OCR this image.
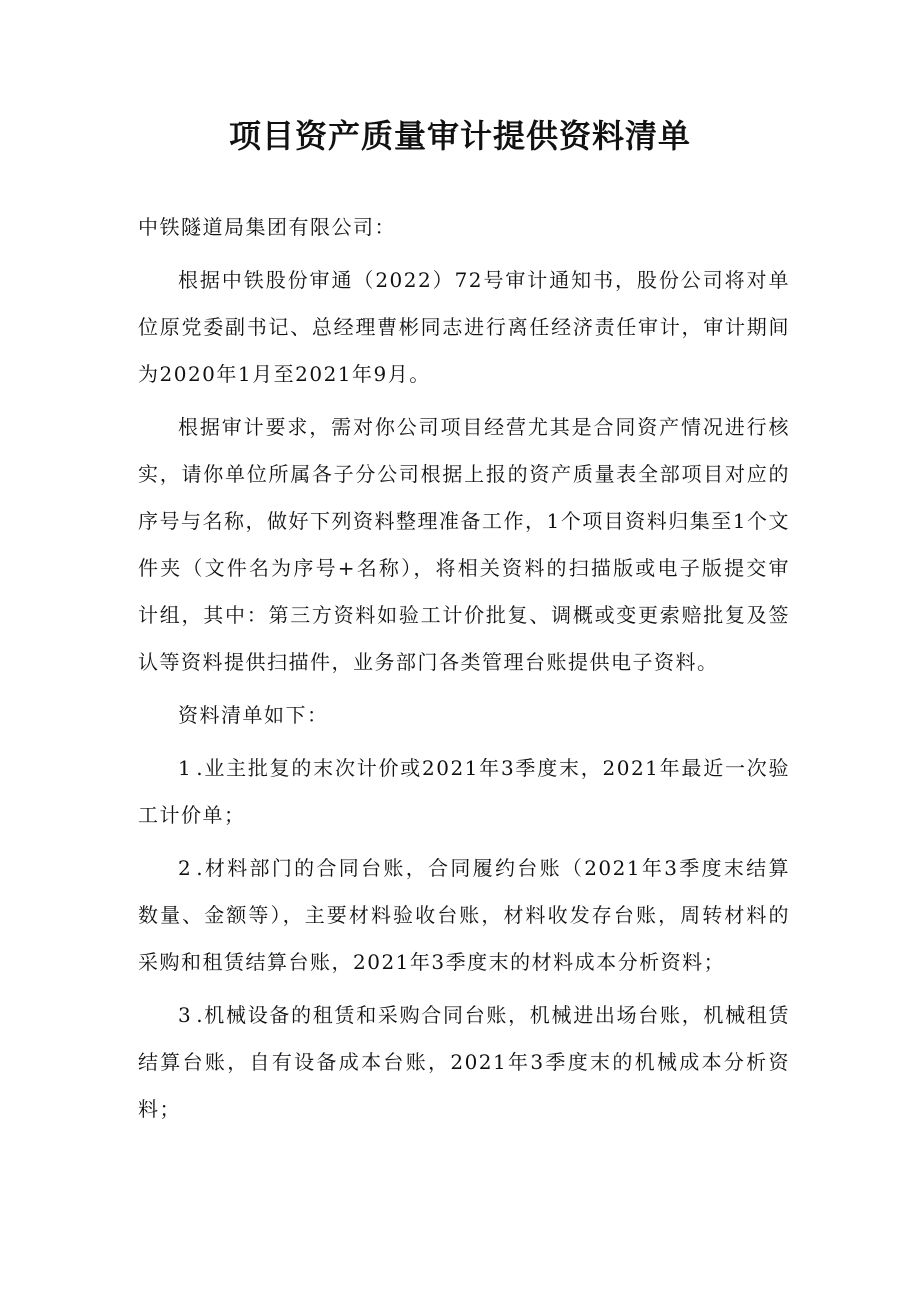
项目资产质量审计提供资料清单

中铁隧道局集团有限公司：

根据中铁股份审通（2022）72号审计通知书，股份公司将对单位原党委副书记、总经理曹彬同志进行离任经济责任审计，审计期间为2020年1月至2021年9月。

根据审计要求，需对你公司项目经营尤其是合同资产情况进行核实，请你单位所属各子分公司根据上报的资产质量表全部项目对应的序号与名称，做好下列资料整理准备工作，1个项目资料归集至1个文件夹（文件名为序号+名称），将相关资料的扫描版或电子版提交审计组，其中：第三方资料如验工计价批复、调概或变更索赔批复及签认等资料提供扫描件，业务部门各类管理台账提供电子资料。

资料清单如下：

1 .业主批复的末次计价或2021年3季度末，2021年最近一次验工计价单；

2 .材料部门的合同台账，合同履约台账（2021年3季度末结算数量、金额等），主要材料验收台账，材料收发存台账，周转材料的采购和租赁结算台账，2021年3季度末的材料成本分析资料；

3 .机械设备的租赁和采购合同台账，机械进出场台账，机械租赁结算台账，自有设备成本台账，2021年3季度末的机械成本分析资料；
